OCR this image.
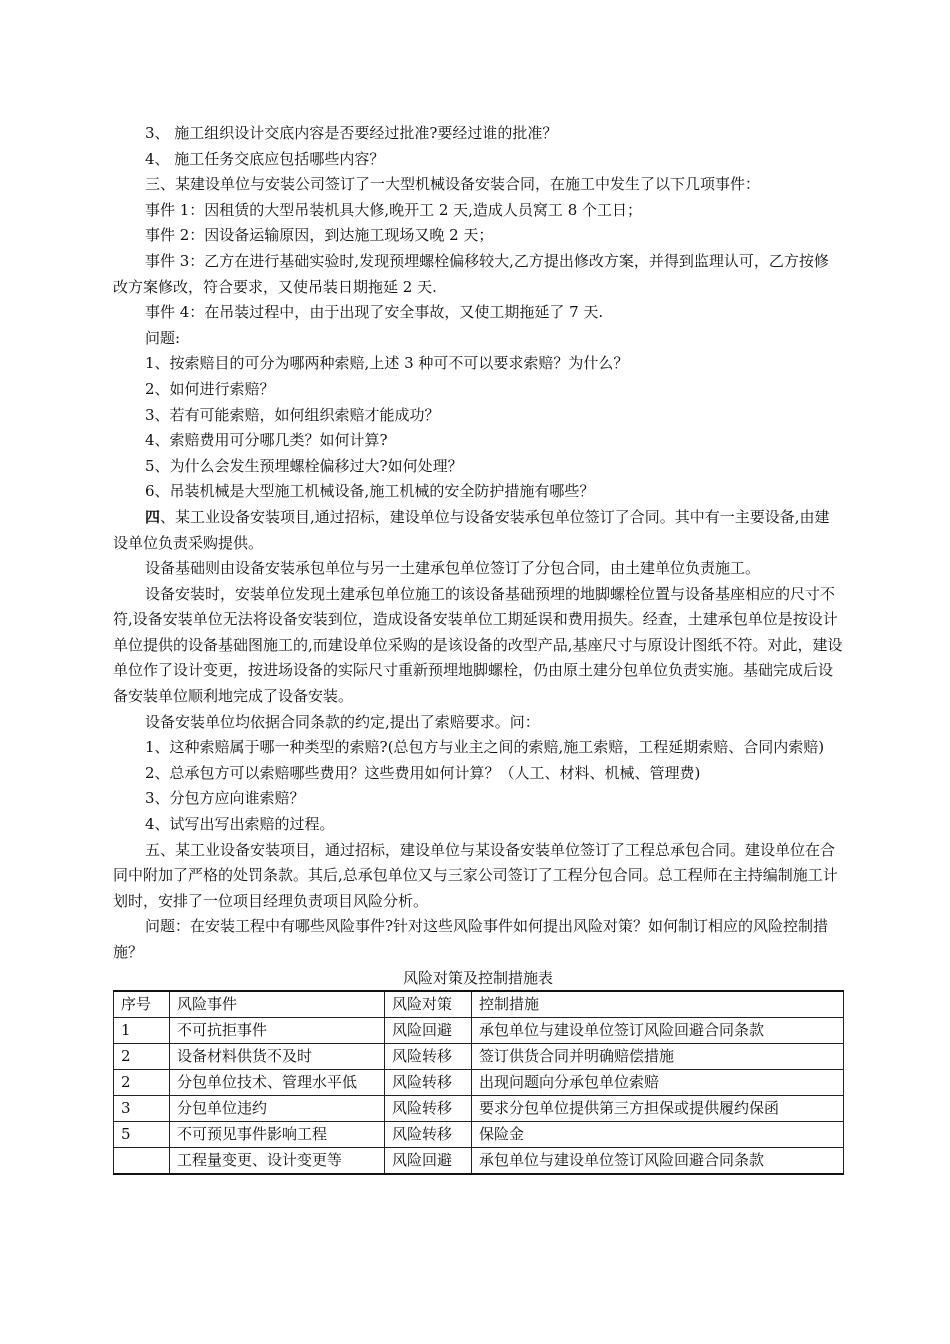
3、 施工组织设计交底内容是否要经过批准?要经过谁的批准？

4、 施工任务交底应包括哪些内容？

三、某建设单位与安装公司签订了一大型机械设备安装合同，在施工中发生了以下几项事件：

事件 1：因租赁的大型吊装机具大修,晚开工 2 天,造成人员窝工 8 个工日；

事件 2：因设备运输原因，到达施工现场又晚 2 天；

事件 3：乙方在进行基础实验时,发现预埋螺栓偏移较大,乙方提出修改方案，并得到监理认可，乙方按修改方案修改，符合要求，又使吊装日期拖延 2 天.

事件 4：在吊装过程中，由于出现了安全事故，又使工期拖延了 7 天.

问题:

1、按索赔目的可分为哪两种索赔,上述 3 种可不可以要求索赔？为什么？

2、如何进行索赔？

3、若有可能索赔，如何组织索赔才能成功？

4、索赔费用可分哪几类？如何计算?

5、为什么会发生预埋螺栓偏移过大?如何处理？

6、吊装机械是大型施工机械设备,施工机械的安全防护措施有哪些？

四、某工业设备安装项目,通过招标，建设单位与设备安装承包单位签订了合同。其中有一主要设备,由建设单位负责采购提供。

设备基础则由设备安装承包单位与另一土建承包单位签订了分包合同，由土建单位负责施工。

设备安装时，安装单位发现土建承包单位施工的该设备基础预埋的地脚螺栓位置与设备基座相应的尺寸不符,设备安装单位无法将设备安装到位，造成设备安装单位工期延误和费用损失。经查，土建承包单位是按设计单位提供的设备基础图施工的,而建设单位采购的是该设备的改型产品,基座尺寸与原设计图纸不符。对此，建设单位作了设计变更，按进场设备的实际尺寸重新预埋地脚螺栓，仍由原土建分包单位负责实施。基础完成后设备安装单位顺利地完成了设备安装。

设备安装单位均依据合同条款的约定,提出了索赔要求。问：

1、这种索赔属于哪一种类型的索赔?(总包方与业主之间的索赔,施工索赔，工程延期索赔、合同内索赔)

2、总承包方可以索赔哪些费用？这些费用如何计算？（人工、材料、机械、管理费)

3、分包方应向谁索赔？

4、试写出写出索赔的过程。

五、某工业设备安装项目，通过招标，建设单位与某设备安装单位签订了工程总承包合同。建设单位在合同中附加了严格的处罚条款。其后,总承包单位又与三家公司签订了工程分包合同。总工程师在主持编制施工计划时，安排了一位项目经理负责项目风险分析。

问题：在安装工程中有哪些风险事件?针对这些风险事件如何提出风险对策？如何制订相应的风险控制措施？

风险对策及控制措施表

序号	风险事件	风险对策	控制措施
1	不可抗拒事件	风险回避	承包单位与建设单位签订风险回避合同条款
2	设备材料供货不及时	风险转移	签订供货合同并明确赔偿措施
2	分包单位技术、管理水平低	风险转移	出现问题向分承包单位索赔
3	分包单位违约	风险转移	要求分包单位提供第三方担保或提供履约保函
5	不可预见事件影响工程	风险转移	保险金
	工程量变更、设计变更等	风险回避	承包单位与建设单位签订风险回避合同条款
